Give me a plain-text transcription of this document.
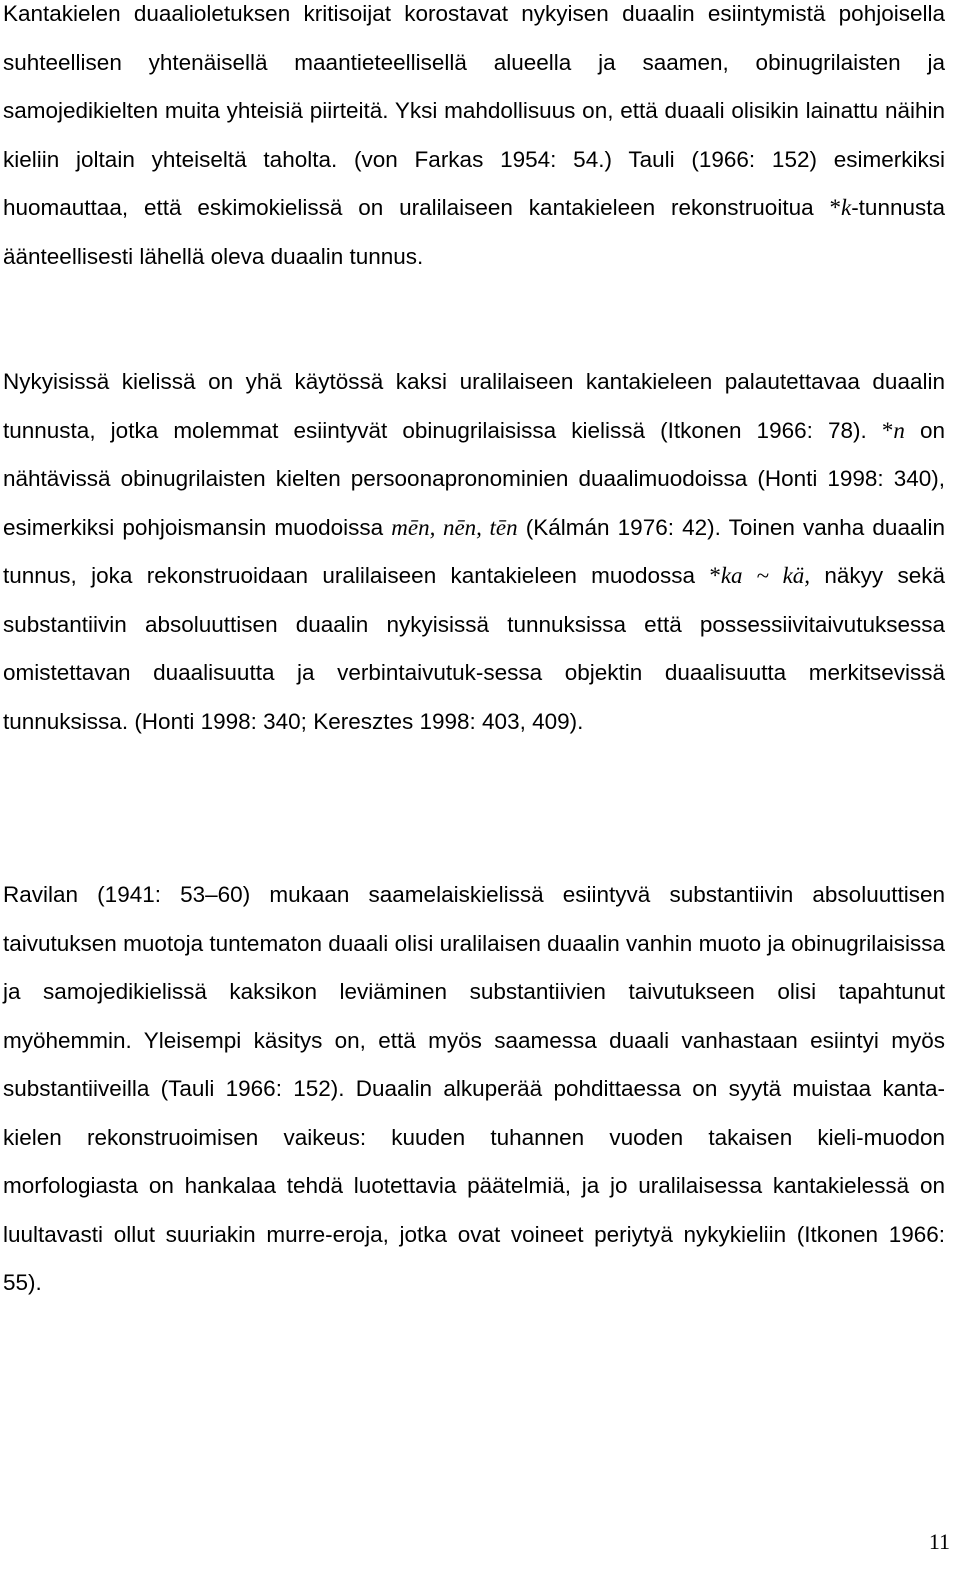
Kantakielen duaalioletuksen kritisoijat korostavat nykyisen duaalin esiintymistä pohjoisella suhteellisen yhtenäisellä maantieteellisellä alueella ja saamen, obinugrilaisten ja samojedikielten muita yhteisiä piirteitä. Yksi mahdollisuus on, että duaali olisikin lainattu näihin kieliin joltain yhteiseltä taholta. (von Farkas 1954: 54.) Tauli (1966: 152) esimerkiksi huomauttaa, että eskimokielissä on uralilaiseen kantakieleen rekonstruoitua *k-tunnusta äänteellisesti lähellä oleva duaalin tunnus.

Nykyisissä kielissä on yhä käytössä kaksi uralilaiseen kantakieleen palautettavaa duaalin tunnusta, jotka molemmat esiintyvät obinugrilaisissa kielissä (Itkonen 1966: 78). *n on nähtävissä obinugrilaisten kielten persoonapronominien duaalimuodoissa (Honti 1998: 340), esimerkiksi pohjoismansin muodoissa mēn, nēn, tēn (Kálmán 1976: 42). Toinen vanha duaalin tunnus, joka rekonstruoidaan uralilaiseen kantakieleen muodossa *ka ~ kä, näkyy sekä substantiivin absoluuttisen duaalin nykyisissä tunnuksissa että possessiivitaivutuksessa omistettavan duaalisuutta ja verbintaivutuk-sessa objektin duaalisuutta merkitsevissä tunnuksissa. (Honti 1998: 340; Keresztes 1998: 403, 409).

Ravilan (1941: 53–60) mukaan saamelaiskielissä esiintyvä substantiivin absoluuttisen taivutuksen muotoja tuntematon duaali olisi uralilaisen duaalin vanhin muoto ja obinugrilaisissa ja samojedikielissä kaksikon leviäminen substantiivien taivutukseen olisi tapahtunut myöhemmin. Yleisempi käsitys on, että myös saamessa duaali vanhastaan esiintyi myös substantiiveilla (Tauli 1966: 152). Duaalin alkuperää pohdittaessa on syytä muistaa kanta-kielen rekonstruoimisen vaikeus: kuuden tuhannen vuoden takaisen kieli-muodon morfologiasta on hankalaa tehdä luotettavia päätelmiä, ja jo uralilaisessa kantakielessä on luultavasti ollut suuriakin murre-eroja, jotka ovat voineet periytyä nykykieliin (Itkonen 1966: 55).

11
